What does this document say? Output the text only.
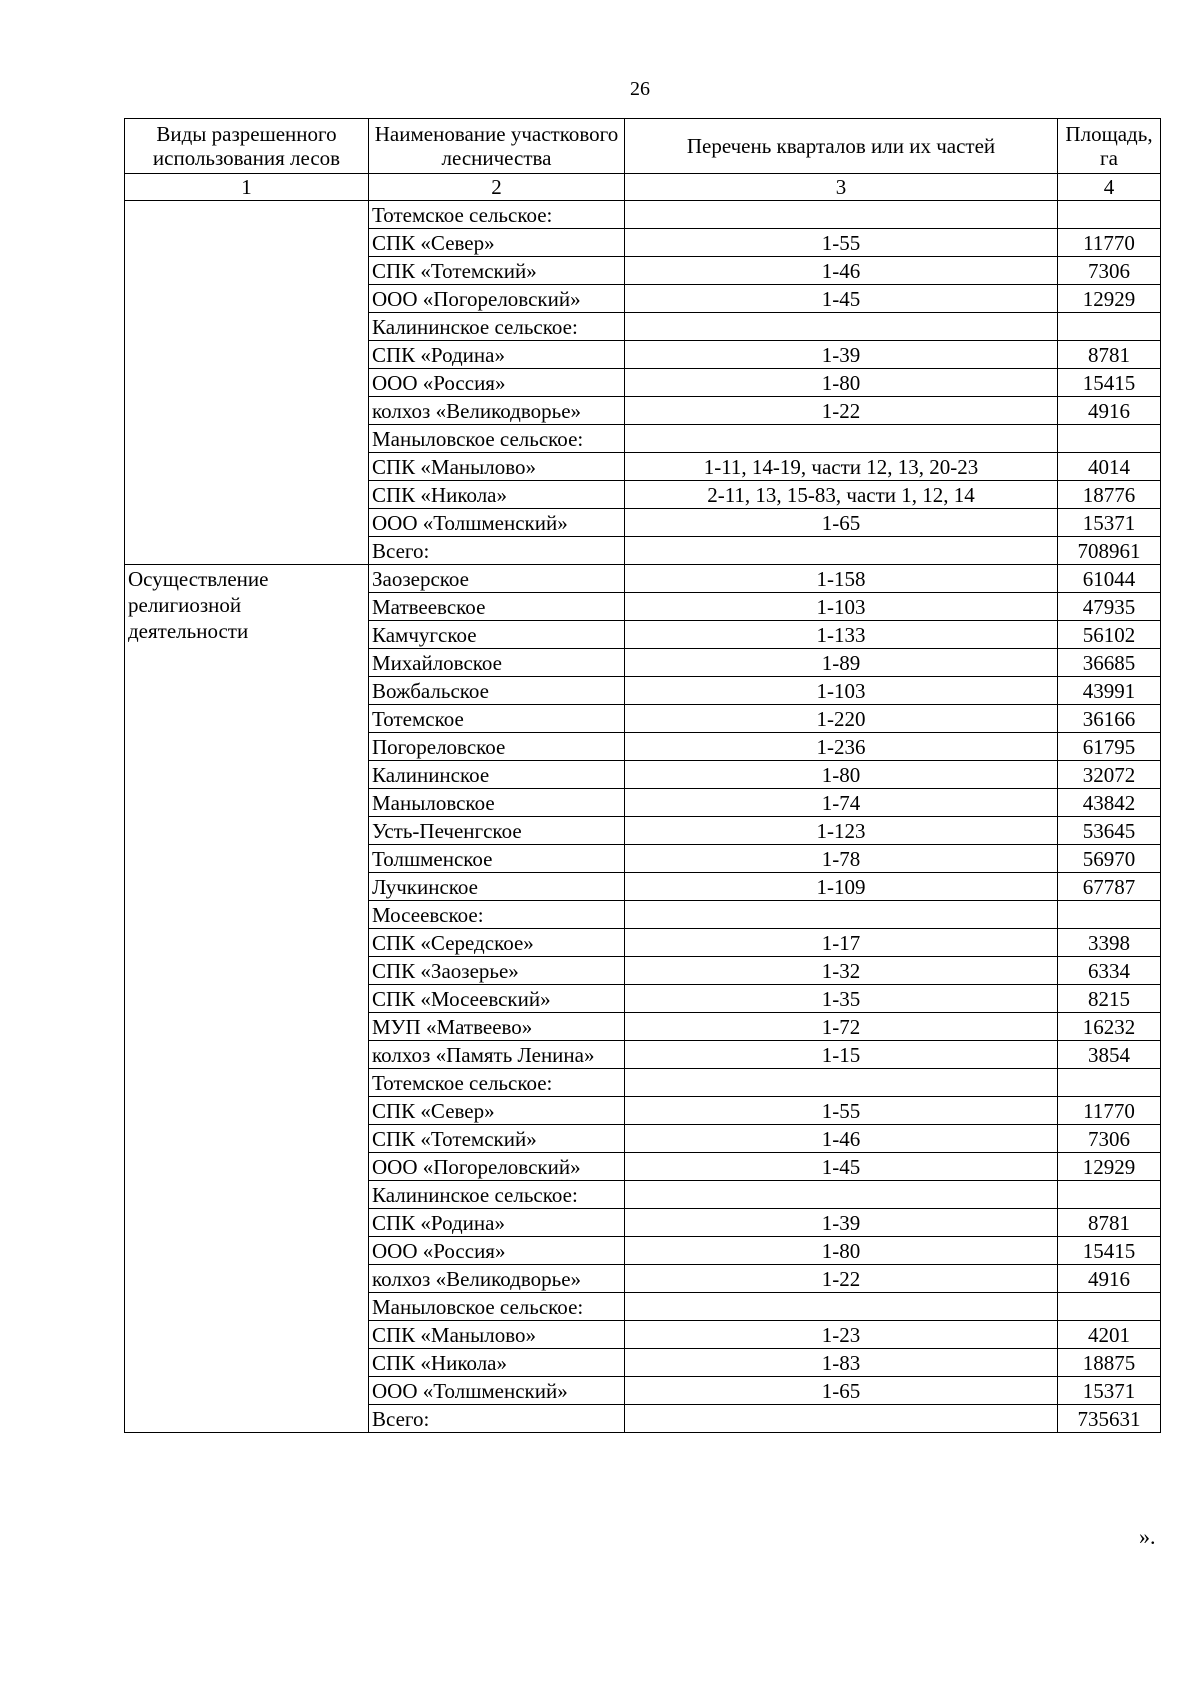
26
Виды разрешенного использования лесов	Наименование участкового лесничества	Перечень кварталов или их частей	Площадь, га
1	2	3	4
	Тотемское сельское:		
	СПК «Север»	1-55	11770
	СПК «Тотемский»	1-46	7306
	ООО «Погореловский»	1-45	12929
	Калининское сельское:		
	СПК «Родина»	1-39	8781
	ООО «Россия»	1-80	15415
	колхоз «Великодворье»	1-22	4916
	Маныловское сельское:		
	СПК «Манылово»	1-11, 14-19, части 12, 13, 20-23	4014
	СПК «Никола»	2-11, 13, 15-83, части 1, 12, 14	18776
	ООО «Толшменский»	1-65	15371
	Всего:		708961
Осуществление религиозной деятельности	Заозерское	1-158	61044
	Матвеевское	1-103	47935
	Камчугское	1-133	56102
	Михайловское	1-89	36685
	Вожбальское	1-103	43991
	Тотемское	1-220	36166
	Погореловское	1-236	61795
	Калининское	1-80	32072
	Маныловское	1-74	43842
	Усть-Печенгское	1-123	53645
	Толшменское	1-78	56970
	Лучкинское	1-109	67787
	Мосеевское:		
	СПК «Середское»	1-17	3398
	СПК «Заозерье»	1-32	6334
	СПК «Мосеевский»	1-35	8215
	МУП «Матвеево»	1-72	16232
	колхоз «Память Ленина»	1-15	3854
	Тотемское сельское:		
	СПК «Север»	1-55	11770
	СПК «Тотемский»	1-46	7306
	ООО «Погореловский»	1-45	12929
	Калининское сельское:		
	СПК «Родина»	1-39	8781
	ООО «Россия»	1-80	15415
	колхоз «Великодворье»	1-22	4916
	Маныловское сельское:		
	СПК «Манылово»	1-23	4201
	СПК «Никола»	1-83	18875
	ООО «Толшменский»	1-65	15371
	Всего:		735631
».
